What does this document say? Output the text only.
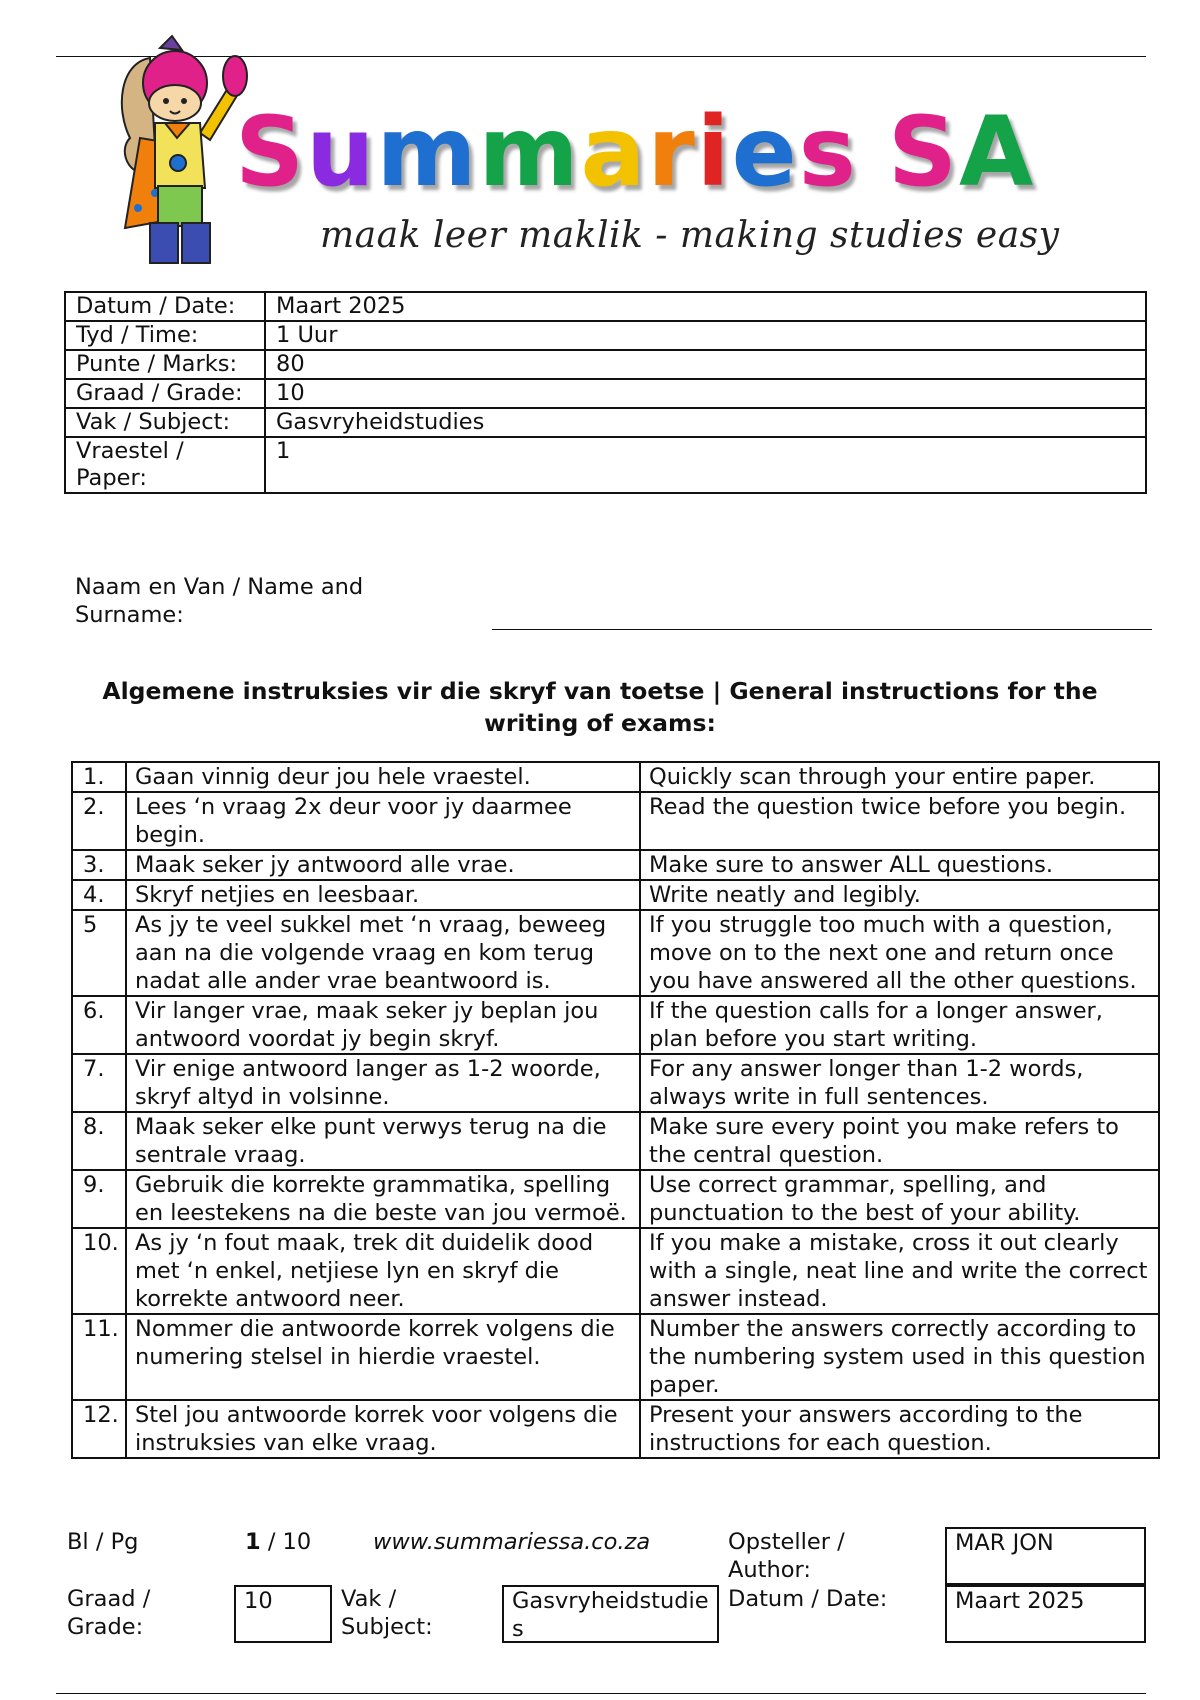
Summaries SA
maak leer maklik - making studies easy
Datum / Date:	Maart 2025
Tyd / Time:	1 Uur
Punte / Marks:	80
Graad / Grade:	10
Vak / Subject:	Gasvryheidstudies
Vraestel / Paper:	1
Naam en Van / Name and Surname:
Algemene instruksies vir die skryf van toetse | General instructions for the writing of exams:
1.	Gaan vinnig deur jou hele vraestel.	Quickly scan through your entire paper.
2.	Lees ‘n vraag 2x deur voor jy daarmee begin.	Read the question twice before you begin.
3.	Maak seker jy antwoord alle vrae.	Make sure to answer ALL questions.
4.	Skryf netjies en leesbaar.	Write neatly and legibly.
5	As jy te veel sukkel met ‘n vraag, beweeg aan na die volgende vraag en kom terug nadat alle ander vrae beantwoord is.	If you struggle too much with a question, move on to the next one and return once you have answered all the other questions.
6.	Vir langer vrae, maak seker jy beplan jou antwoord voordat jy begin skryf.	If the question calls for a longer answer, plan before you start writing.
7.	Vir enige antwoord langer as 1-2 woorde, skryf altyd in volsinne.	For any answer longer than 1-2 words, always write in full sentences.
8.	Maak seker elke punt verwys terug na die sentrale vraag.	Make sure every point you make refers to the central question.
9.	Gebruik die korrekte grammatika, spelling en leestekens na die beste van jou vermoë.	Use correct grammar, spelling, and punctuation to the best of your ability.
10.	As jy ‘n fout maak, trek dit duidelik dood met ‘n enkel, netjiese lyn en skryf die korrekte antwoord neer.	If you make a mistake, cross it out clearly with a single, neat line and write the correct answer instead.
11.	Nommer die antwoorde korrek volgens die numering stelsel in hierdie vraestel.	Number the answers correctly according to the numbering system used in this question paper.
12.	Stel jou antwoorde korrek voor volgens die instruksies van elke vraag.	Present your answers according to the instructions for each question.
Bl / Pg	1 / 10	www.summariessa.co.za	Opsteller / Author:
MAR JON
Graad / Grade:
10	Vak / Subject:
Gasvryheidstudies
Datum / Date:	Maart 2025
